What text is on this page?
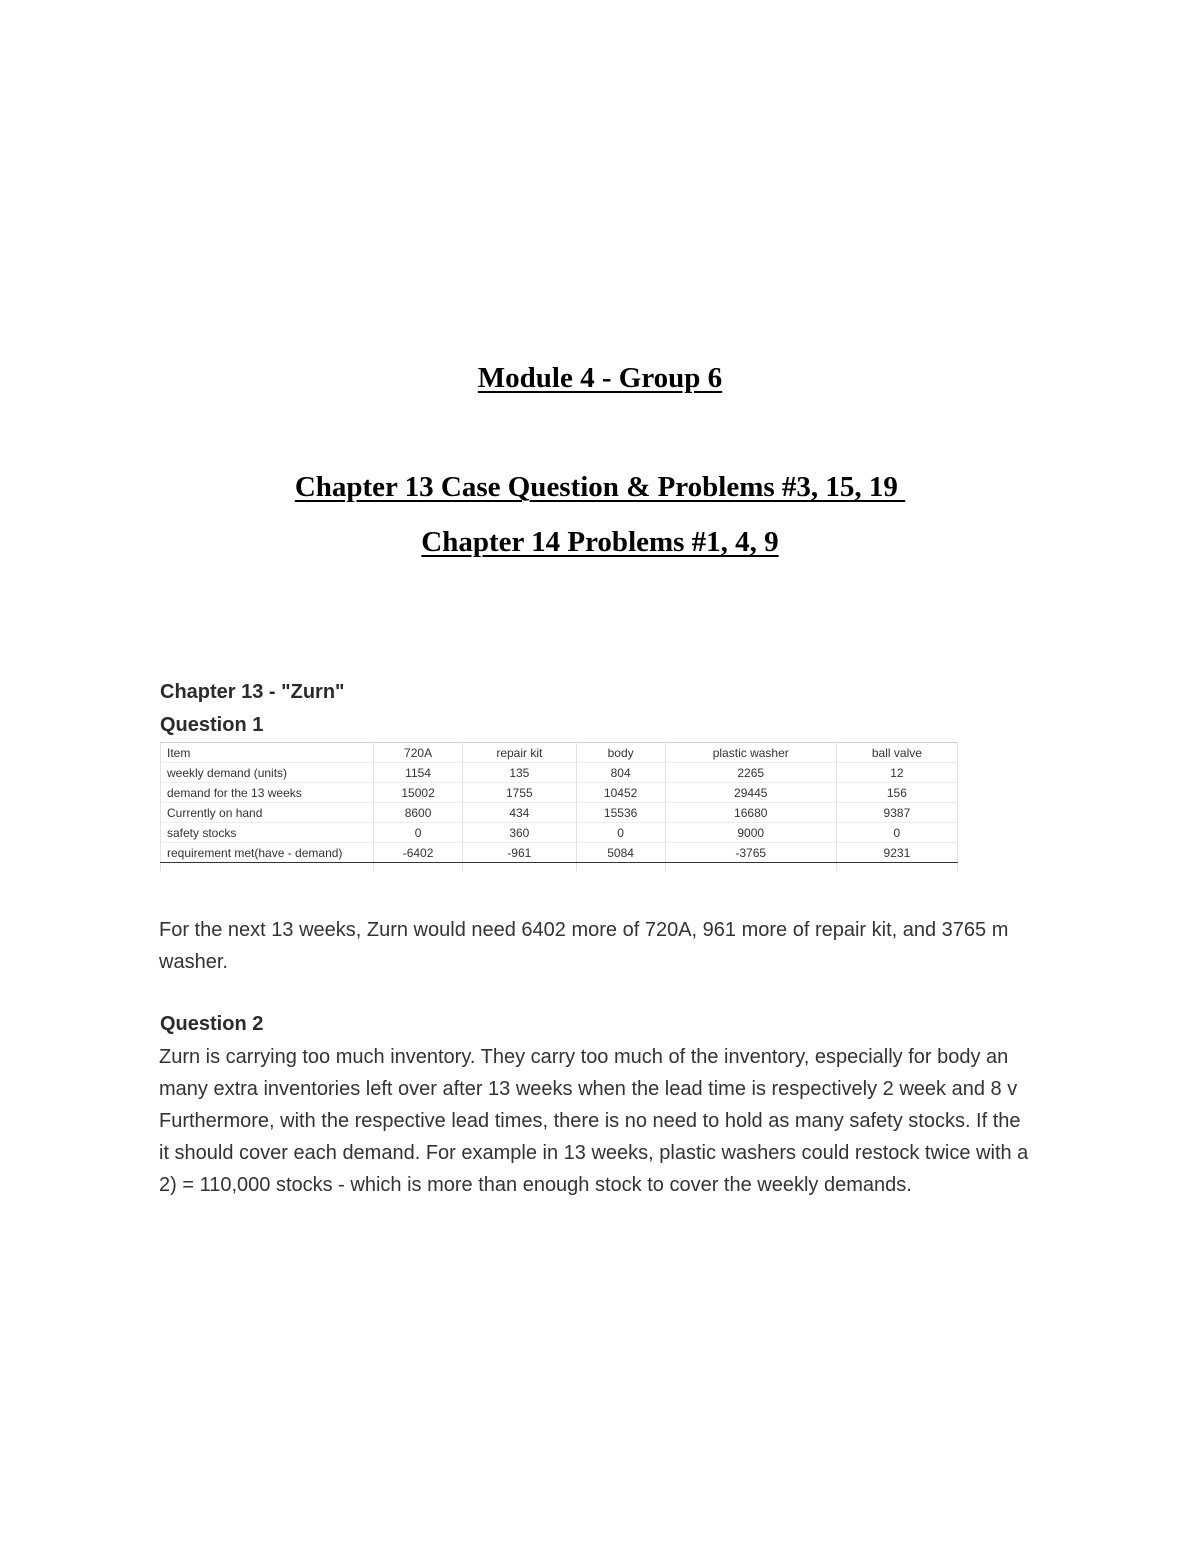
Module 4 - Group 6
Chapter 13 Case Question & Problems #3, 15, 19
Chapter 14 Problems #1, 4, 9
Chapter 13 - "Zurn"
Question 1
Item	720A	repair kit	body	plastic washer	ball valve
weekly demand (units)	1154	135	804	2265	12
demand for the 13 weeks	15002	1755	10452	29445	156
Currently on hand	8600	434	15536	16680	9387
safety stocks	0	360	0	9000	0
requirement met(have - demand)	-6402	-961	5084	-3765	9231

For the next 13 weeks, Zurn would need 6402 more of 720A, 961 more of repair kit, and 3765 m
washer.
Question 2
Zurn is carrying too much inventory. They carry too much of the inventory, especially for body an
many extra inventories left over after 13 weeks when the lead time is respectively 2 week and 8 v
Furthermore, with the respective lead times, there is no need to hold as many safety stocks. If the
it should cover each demand. For example in 13 weeks, plastic washers could restock twice with a
2) = 110,000 stocks - which is more than enough stock to cover the weekly demands.
